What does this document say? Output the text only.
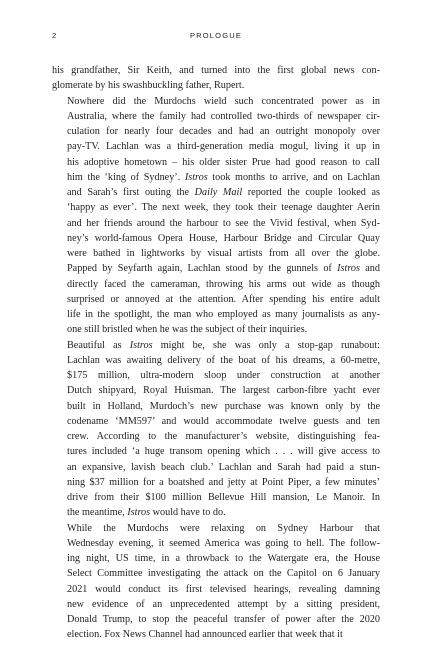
2	PROLOGUE

his grandfather, Sir Keith, and turned into the first global news con-
glomerate by his swashbuckling father, Rupert.

Nowhere did the Murdochs wield such concentrated power as in
Australia, where the family had controlled two-thirds of newspaper cir-
culation for nearly four decades and had an outright monopoly over
pay-TV. Lachlan was a third-generation media mogul, living it up in
his adoptive hometown – his older sister Prue had good reason to call
him the ‘king of Sydney’. Istros took months to arrive, and on Lachlan
and Sarah’s first outing the Daily Mail reported the couple looked as
‘happy as ever’. The next week, they took their teenage daughter Aerin
and her friends around the harbour to see the Vivid festival, when Syd-
ney’s world-famous Opera House, Harbour Bridge and Circular Quay
were bathed in lightworks by visual artists from all over the globe.
Papped by Seyfarth again, Lachlan stood by the gunnels of Istros and
directly faced the cameraman, throwing his arms out wide as though
surprised or annoyed at the attention. After spending his entire adult
life in the spotlight, the man who employed as many journalists as any-
one still bristled when he was the subject of their inquiries.

Beautiful as Istros might be, she was only a stop-gap runabout:
Lachlan was awaiting delivery of the boat of his dreams, a 60-metre,
$175 million, ultra-modern sloop under construction at another
Dutch shipyard, Royal Huisman. The largest carbon-fibre yacht ever
built in Holland, Murdoch’s new purchase was known only by the
codename ‘MM597’ and would accommodate twelve guests and ten
crew. According to the manufacturer’s website, distinguishing fea-
tures included ‘a huge transom opening which . . . will give access to
an expansive, lavish beach club.’ Lachlan and Sarah had paid a stun-
ning $37 million for a boatshed and jetty at Point Piper, a few minutes’
drive from their $100 million Bellevue Hill mansion, Le Manoir. In
the meantime, Istros would have to do.

While the Murdochs were relaxing on Sydney Harbour that
Wednesday evening, it seemed America was going to hell. The follow-
ing night, US time, in a throwback to the Watergate era, the House
Select Committee investigating the attack on the Capitol on 6 January
2021 would conduct its first televised hearings, revealing damning
new evidence of an unprecedented attempt by a sitting president,
Donald Trump, to stop the peaceful transfer of power after the 2020
election. Fox News Channel had announced earlier that week that it
